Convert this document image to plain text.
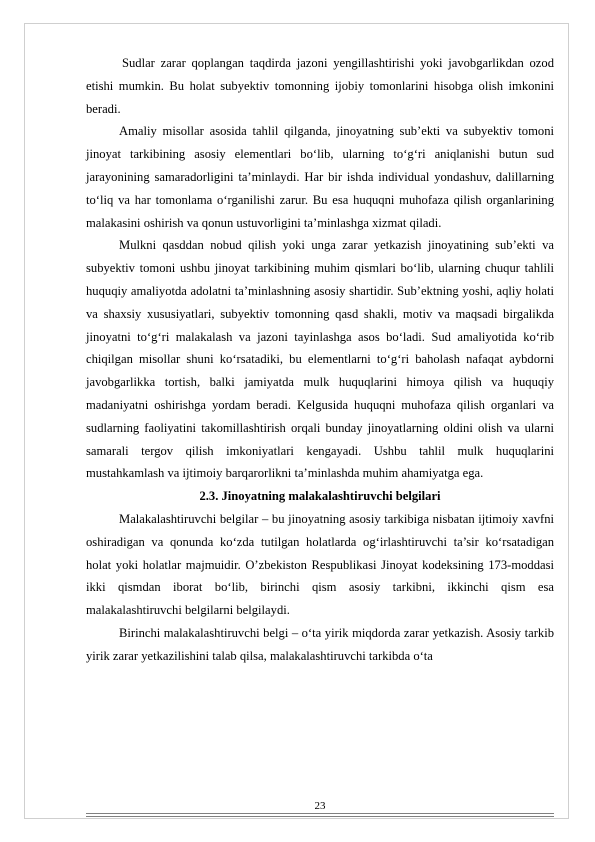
Sudlar zarar qoplangan taqdirda jazoni yengillashtirishi yoki javobgarlikdan ozod etishi mumkin. Bu holat subyektiv tomonning ijobiy tomonlarini hisobga olish imkonini beradi.

Amaliy misollar asosida tahlil qilganda, jinoyatning sub’ekti va subyektiv tomoni jinoyat tarkibining asosiy elementlari bo‘lib, ularning to‘g‘ri aniqlanishi butun sud jarayonining samaradorligini ta’minlaydi. Har bir ishda individual yondashuv, dalillarning to‘liq va har tomonlama o‘rganilishi zarur. Bu esa huquqni muhofaza qilish organlarining malakasini oshirish va qonun ustuvorligini ta’minlashga xizmat qiladi.

Mulkni qasddan nobud qilish yoki unga zarar yetkazish jinoyatining sub’ekti va subyektiv tomoni ushbu jinoyat tarkibining muhim qismlari bo‘lib, ularning chuqur tahlili huquqiy amaliyotda adolatni ta’minlashning asosiy shartidir. Sub’ektning yoshi, aqliy holati va shaxsiy xususiyatlari, subyektiv tomonning qasd shakli, motiv va maqsadi birgalikda jinoyatni to‘g‘ri malakalash va jazoni tayinlashga asos bo‘ladi. Sud amaliyotida ko‘rib chiqilgan misollar shuni ko‘rsatadiki, bu elementlarni to‘g‘ri baholash nafaqat aybdorni javobgarlikka tortish, balki jamiyatda mulk huquqlarini himoya qilish va huquqiy madaniyatni oshirishga yordam beradi. Kelgusida huquqni muhofaza qilish organlari va sudlarning faoliyatini takomillashtirish orqali bunday jinoyatlarning oldini olish va ularni samarali tergov qilish imkoniyatlari kengayadi. Ushbu tahlil mulk huquqlarini mustahkamlash va ijtimoiy barqarorlikni ta’minlashda muhim ahamiyatga ega.

2.3. Jinoyatning malakalashtiruvchi belgilari

Malakalashtiruvchi belgilar – bu jinoyatning asosiy tarkibiga nisbatan ijtimoiy xavfni oshiradigan va qonunda ko‘zda tutilgan holatlarda og‘irlashtiruvchi ta’sir ko‘rsatadigan holat yoki holatlar majmuidir. O’zbekiston Respublikasi Jinoyat kodeksining 173-moddasi ikki qismdan iborat bo‘lib, birinchi qism asosiy tarkibni, ikkinchi qism esa malakalashtiruvchi belgilarni belgilaydi.

Birinchi malakalashtiruvchi belgi – o‘ta yirik miqdorda zarar yetkazish. Asosiy tarkib yirik zarar yetkazilishini talab qilsa, malakalashtiruvchi tarkibda o‘ta

23
